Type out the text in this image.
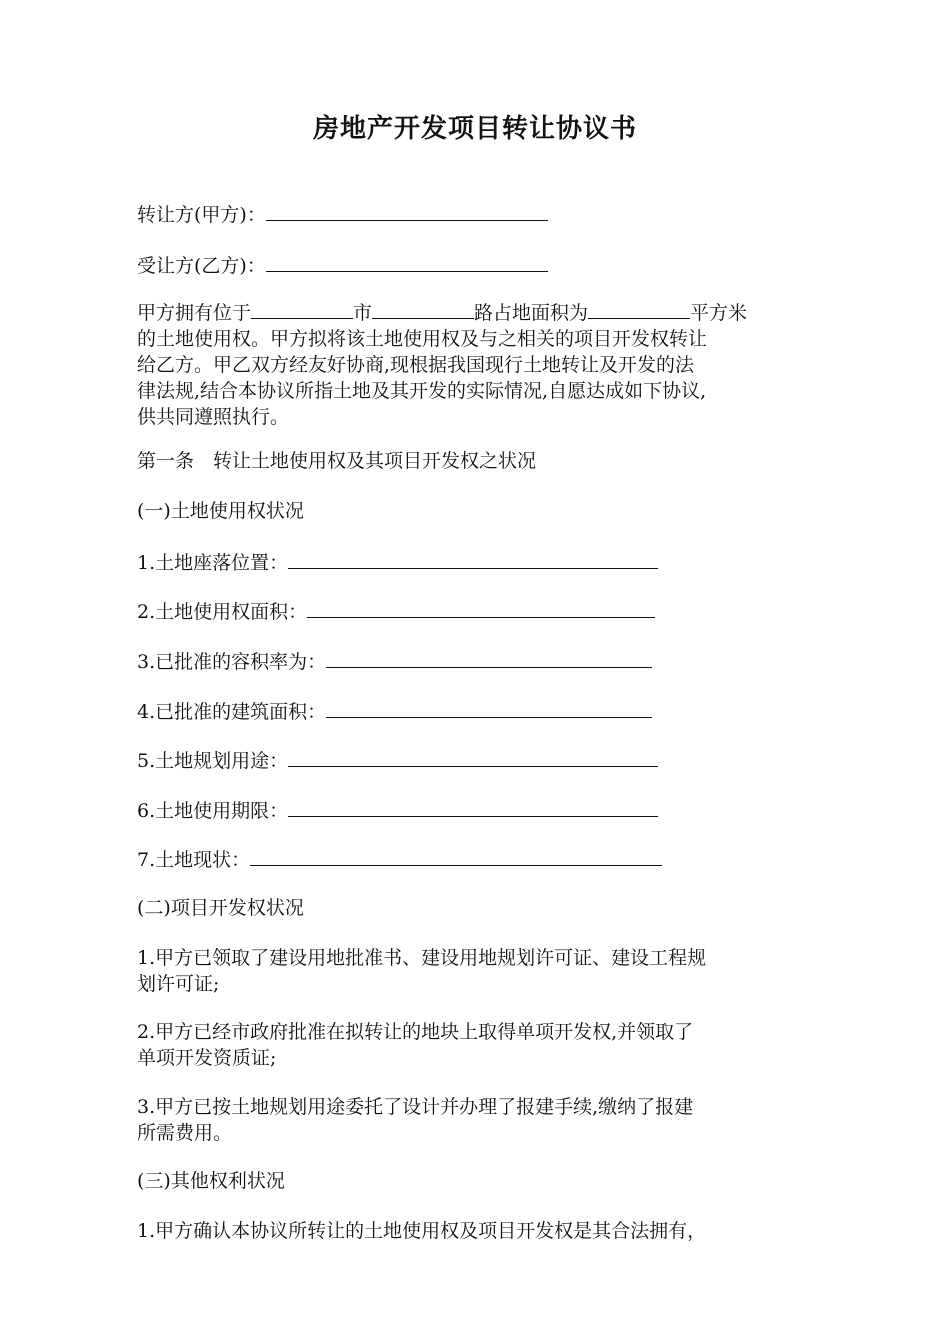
房地产开发项目转让协议书
转让方(甲方)：
受让方(乙方)：
甲方拥有位于	市	路占地面积为	平方米
的土地使用权。甲方拟将该土地使用权及与之相关的项目开发权转让
给乙方。甲乙双方经友好协商,现根据我国现行土地转让及开发的法
律法规,结合本协议所指土地及其开发的实际情况,自愿达成如下协议,
供共同遵照执行。
第一条　转让土地使用权及其项目开发权之状况
(一)土地使用权状况
1.土地座落位置：
2.土地使用权面积：
3.已批准的容积率为：
4.已批准的建筑面积：
5.土地规划用途：
6.土地使用期限：
7.土地现状：
(二)项目开发权状况
1.甲方已领取了建设用地批准书、建设用地规划许可证、建设工程规
划许可证;
2.甲方已经市政府批准在拟转让的地块上取得单项开发权,并领取了
单项开发资质证;
3.甲方已按土地规划用途委托了设计并办理了报建手续,缴纳了报建
所需费用。
(三)其他权利状况
1.甲方确认本协议所转让的土地使用权及项目开发权是其合法拥有，
